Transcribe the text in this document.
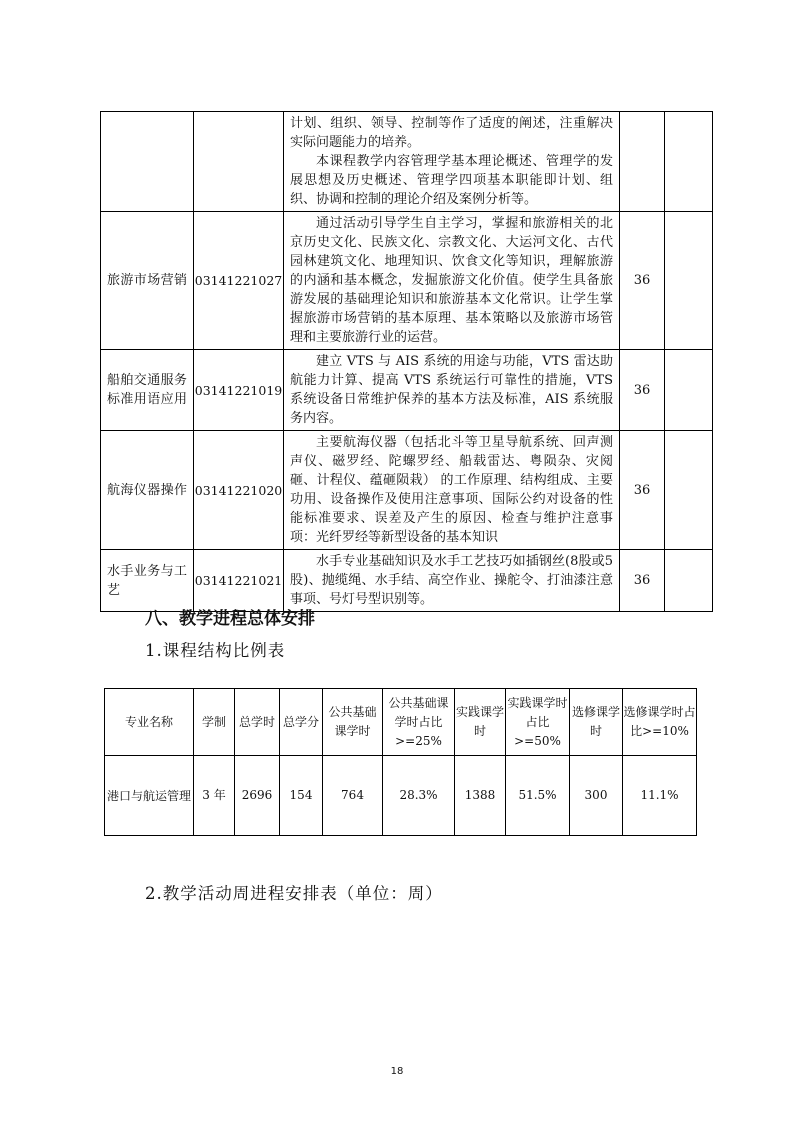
		计划、组织、领导、控制等作了适度的阐述，注重解决实际问题能力的培养。

本课程教学内容管理学基本理论概述、管理学的发展思想及历史概述、管理学四项基本职能即计划、组织、协调和控制的理论介绍及案例分析等。		

旅游市场营销	03141221027	通过活动引导学生自主学习，掌握和旅游相关的北京历史文化、民族文化、宗教文化、大运河文化、古代园林建筑文化、地理知识、饮食文化等知识，理解旅游的内涵和基本概念，发掘旅游文化价值。使学生具备旅游发展的基础理论知识和旅游基本文化常识。让学生掌握旅游市场营销的基本原理、基本策略以及旅游市场管理和主要旅游行业的运营。	36	
船舶交通服务标准用语应用	03141221019	建立 VTS 与 AIS 系统的用途与功能，VTS 雷达助航能力计算、提高 VTS 系统运行可靠性的措施，VTS 系统设备日常维护保养的基本方法及标准，AIS 系统服务内容。	36	
航海仪器操作	03141221020	主要航海仪器（包括北斗等卫星导航系统、回声测声仪、磁罗经、陀螺罗经、船载雷达、粤陨杂、灾阅砸、计程仪、蕴砸陨栽） 的工作原理、结构组成、主要功用、设备操作及使用注意事项、国际公约对设备的性能标准要求、误差及产生的原因、检查与维护注意事项：光纤罗经等新型设备的基本知识	36	
水手业务与工艺	03141221021	水手专业基础知识及水手工艺技巧如插钢丝(8股或5股)、抛缆绳、水手结、高空作业、操舵令、打油漆注意事项、号灯号型识别等。	36	
八、教学进程总体安排
1.课程结构比例表
专业名称	学制	总学时	总学分	公共基础课学时	公共基础课学时占比>=25%	实践课学时	实践课学时占比>=50%	选修课学时	选修课学时占比>=10%
港口与航运管理	3 年	2696	154	764	28.3%	1388	51.5%	300	11.1%
2.教学活动周进程安排表（单位：周）
18
